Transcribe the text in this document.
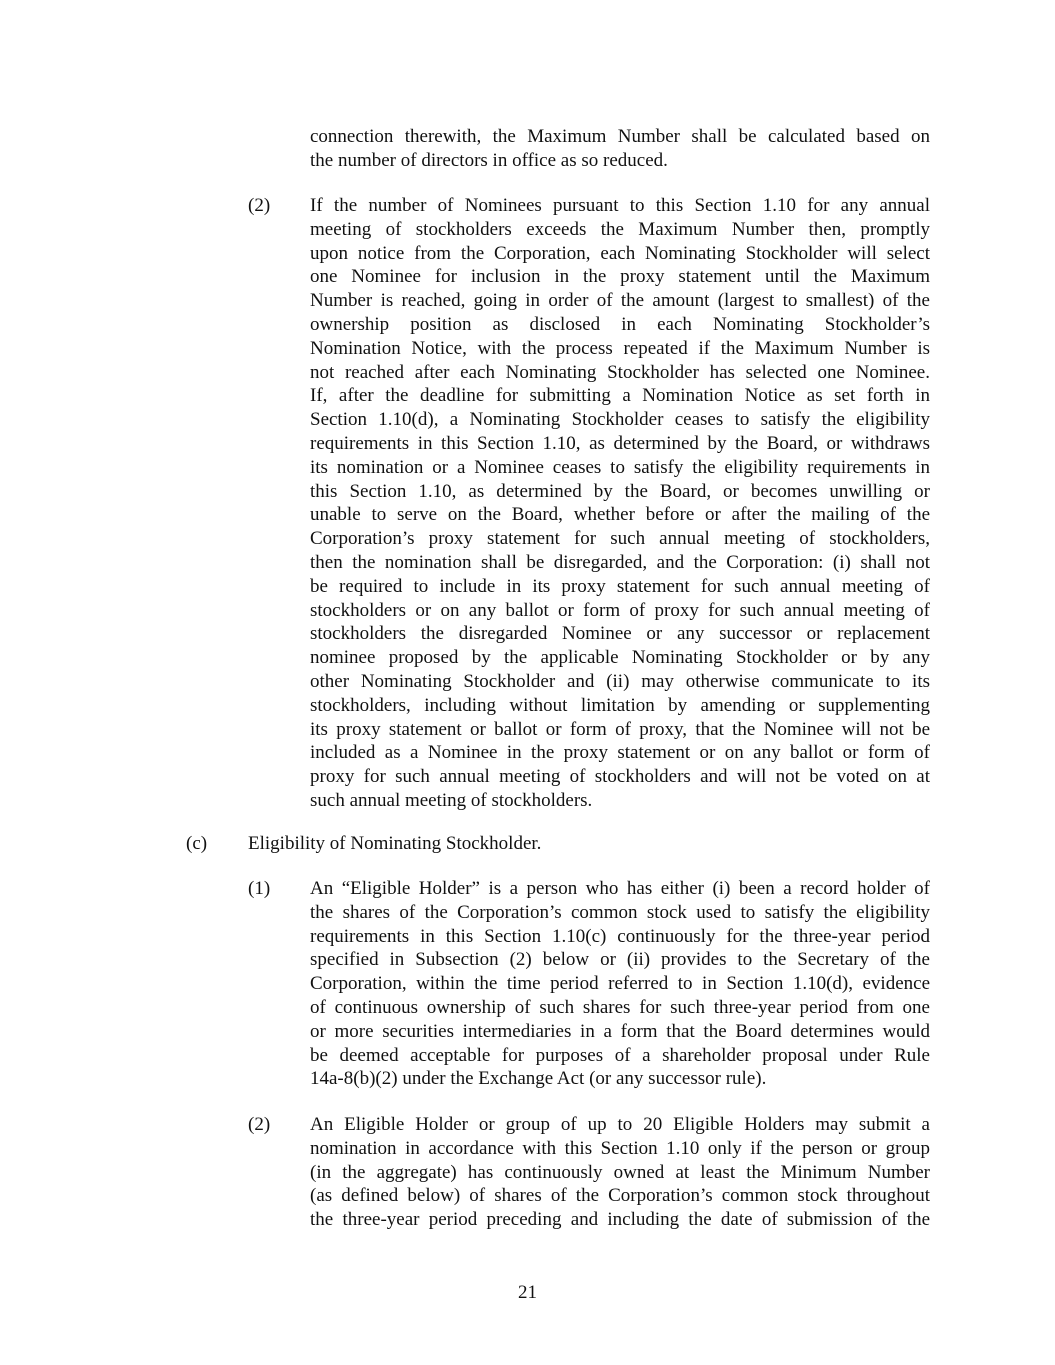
connection therewith, the Maximum Number shall be calculated based on
the number of directors in office as so reduced.
(2) If the number of Nominees pursuant to this Section 1.10 for any annual
meeting of stockholders exceeds the Maximum Number then, promptly
upon notice from the Corporation, each Nominating Stockholder will select
one Nominee for inclusion in the proxy statement until the Maximum
Number is reached, going in order of the amount (largest to smallest) of the
ownership position as disclosed in each Nominating Stockholder’s
Nomination Notice, with the process repeated if the Maximum Number is
not reached after each Nominating Stockholder has selected one Nominee.
If, after the deadline for submitting a Nomination Notice as set forth in
Section 1.10(d), a Nominating Stockholder ceases to satisfy the eligibility
requirements in this Section 1.10, as determined by the Board, or withdraws
its nomination or a Nominee ceases to satisfy the eligibility requirements in
this Section 1.10, as determined by the Board, or becomes unwilling or
unable to serve on the Board, whether before or after the mailing of the
Corporation’s proxy statement for such annual meeting of stockholders,
then the nomination shall be disregarded, and the Corporation: (i) shall not
be required to include in its proxy statement for such annual meeting of
stockholders or on any ballot or form of proxy for such annual meeting of
stockholders the disregarded Nominee or any successor or replacement
nominee proposed by the applicable Nominating Stockholder or by any
other Nominating Stockholder and (ii) may otherwise communicate to its
stockholders, including without limitation by amending or supplementing
its proxy statement or ballot or form of proxy, that the Nominee will not be
included as a Nominee in the proxy statement or on any ballot or form of
proxy for such annual meeting of stockholders and will not be voted on at
such annual meeting of stockholders.
(c) Eligibility of Nominating Stockholder.
(1) An “Eligible Holder” is a person who has either (i) been a record holder of
the shares of the Corporation’s common stock used to satisfy the eligibility
requirements in this Section 1.10(c) continuously for the three-year period
specified in Subsection (2) below or (ii) provides to the Secretary of the
Corporation, within the time period referred to in Section 1.10(d), evidence
of continuous ownership of such shares for such three-year period from one
or more securities intermediaries in a form that the Board determines would
be deemed acceptable for purposes of a shareholder proposal under Rule
14a-8(b)(2) under the Exchange Act (or any successor rule).
(2) An Eligible Holder or group of up to 20 Eligible Holders may submit a
nomination in accordance with this Section 1.10 only if the person or group
(in the aggregate) has continuously owned at least the Minimum Number
(as defined below) of shares of the Corporation’s common stock throughout
the three-year period preceding and including the date of submission of the
21
